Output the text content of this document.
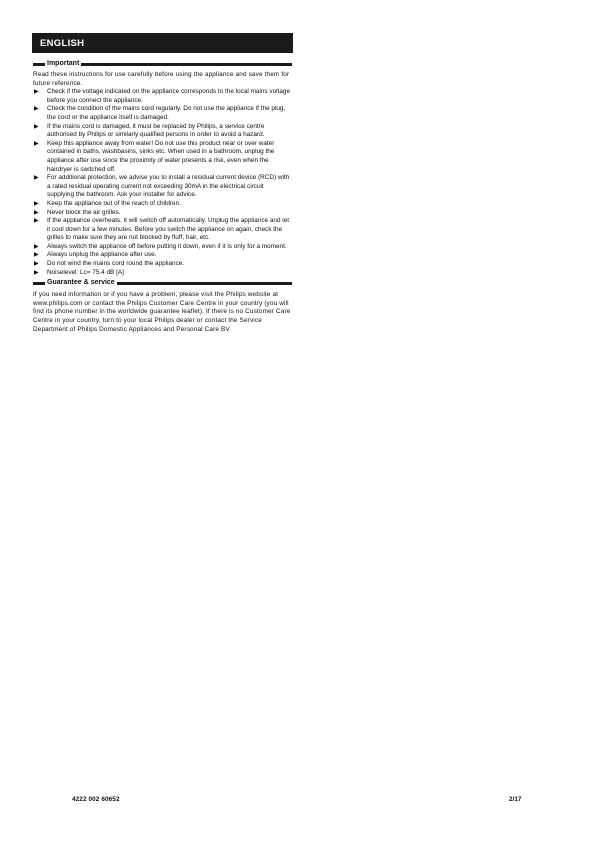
ENGLISH
Important

Read these instructions for use carefully before using the appliance and save them for future reference.

▶ Check if the voltage indicated on the appliance corresponds to the local mains voltage before you connect the appliance.
▶ Check the condition of the mains cord regularly. Do not use the appliance if the plug, the cord or the appliance itself is damaged.
▶ If the mains cord is damaged, it must be replaced by Philips, a service centre authorised by Philips or similarly qualified persons in order to avoid a hazard.
▶ Keep this appliance away from water! Do not use this product near or over water contained in baths, washbasins, sinks etc. When used in a bathroom, unplug the appliance after use since the proximity of water presents a risk, even when the hairdryer is switched off.
▶ For additional protection, we advise you to install a residual current device (RCD) with a rated residual operating current not exceeding 30mA in the electrical circuit supplying the bathroom. Ask your installer for advice.
▶ Keep the appliance out of the reach of children.
▶ Never block the air grilles.
▶ If the appliance overheats, it will switch off automatically. Unplug the appliance and let it cool down for a few minutes. Before you switch the appliance on again, check the grilles to make sure they are not blocked by fluff, hair, etc.
▶ Always switch the appliance off before putting it down, even if it is only for a moment.
▶ Always unplug the appliance after use.
▶ Do not wind the mains cord round the appliance.
▶ Noiselevel: Lc= 75.4 dB [A]
Guarantee & service

If you need information or if you have a problem, please visit the Philips website at www.philips.com or contact the Philips Customer Care Centre in your country (you will find its phone number in the worldwide guarantee leaflet). If there is no Customer Care Centre in your country, turn to your local Philips dealer or contact the Service Department of Philips Domestic Appliances and Personal Care BV.

4222 002 60652	2/17
